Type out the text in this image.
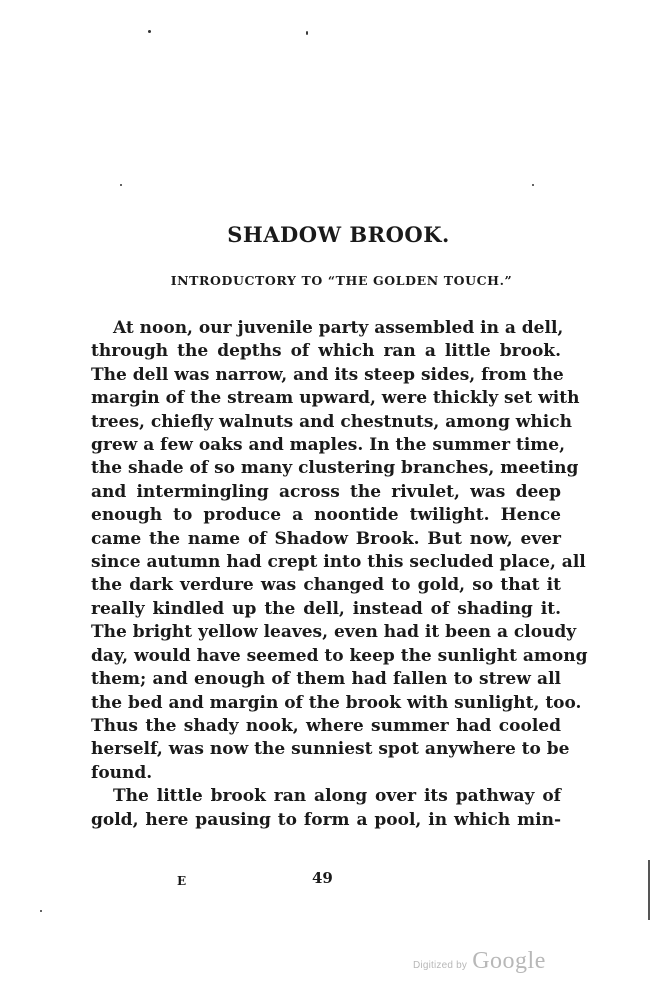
SHADOW BROOK.
INTRODUCTORY TO “THE GOLDEN TOUCH.”
At noon, our juvenile party assembled in a dell,
through the depths of which ran a little brook.
The dell was narrow, and its steep sides, from the
margin of the stream upward, were thickly set with
trees, chiefly walnuts and chestnuts, among which
grew a few oaks and maples. In the summer time,
the shade of so many clustering branches, meeting
and intermingling across the rivulet, was deep
enough to produce a noontide twilight. Hence
came the name of Shadow Brook. But now, ever
since autumn had crept into this secluded place, all
the dark verdure was changed to gold, so that it
really kindled up the dell, instead of shading it.
The bright yellow leaves, even had it been a cloudy
day, would have seemed to keep the sunlight among
them; and enough of them had fallen to strew all
the bed and margin of the brook with sunlight, too.
Thus the shady nook, where summer had cooled
herself, was now the sunniest spot anywhere to be
found.
The little brook ran along over its pathway of
gold, here pausing to form a pool, in which min-
E	49
Digitized by Google
